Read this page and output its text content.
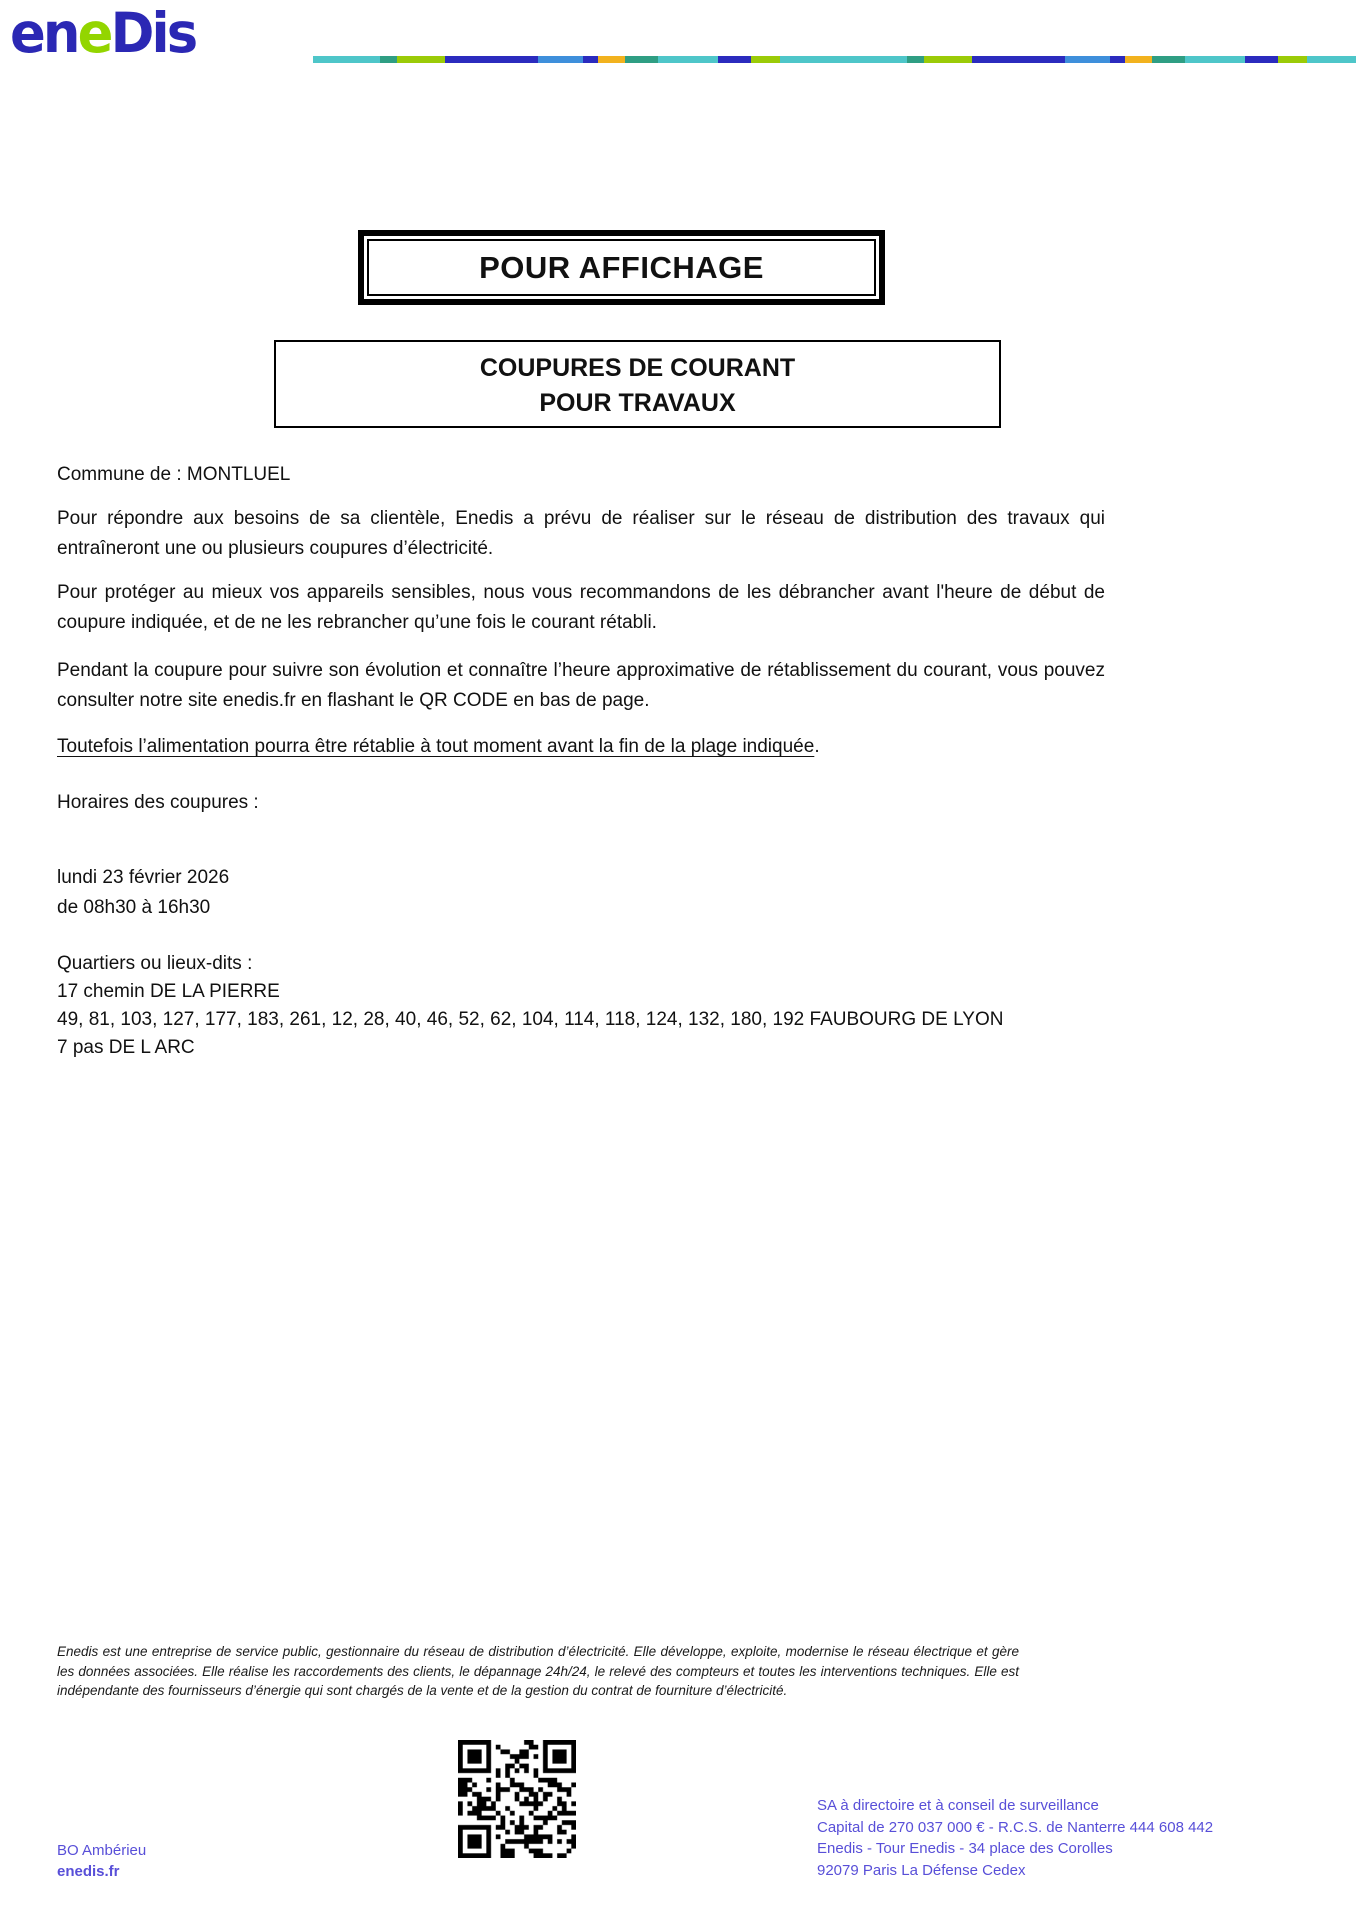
eneDis
POUR AFFICHAGE
COUPURES DE COURANT
POUR TRAVAUX
Commune de : MONTLUEL
Pour répondre aux besoins de sa clientèle, Enedis a prévu de réaliser sur le réseau de distribution des travaux qui entraîneront une ou plusieurs coupures d’électricité.
Pour protéger au mieux vos appareils sensibles, nous vous recommandons de les débrancher avant l'heure de début de coupure indiquée, et de ne les rebrancher qu’une fois le courant rétabli.
Pendant la coupure pour suivre son évolution et connaître l’heure approximative de rétablissement du courant, vous pouvez consulter notre site enedis.fr en flashant le QR CODE en bas de page.
Toutefois l’alimentation pourra être rétablie à tout moment avant la fin de la plage indiquée.
Horaires des coupures :
lundi 23 février 2026
de 08h30 à 16h30
Quartiers ou lieux-dits :
17 chemin DE LA PIERRE
49, 81, 103, 127, 177, 183, 261, 12, 28, 40, 46, 52, 62, 104, 114, 118, 124, 132, 180, 192 FAUBOURG DE LYON
7 pas DE L ARC
Enedis est une entreprise de service public, gestionnaire du réseau de distribution d’électricité. Elle développe, exploite, modernise le réseau électrique et gère les données associées. Elle réalise les raccordements des clients, le dépannage 24h/24, le relevé des compteurs et toutes les interventions techniques. Elle est indépendante des fournisseurs d’énergie qui sont chargés de la vente et de la gestion du contrat de fourniture d’électricité.
BO Ambérieu
enedis.fr
SA à directoire et à conseil de surveillance
Capital de 270 037 000 € - R.C.S. de Nanterre 444 608 442
Enedis - Tour Enedis - 34 place des Corolles
92079 Paris La Défense Cedex
